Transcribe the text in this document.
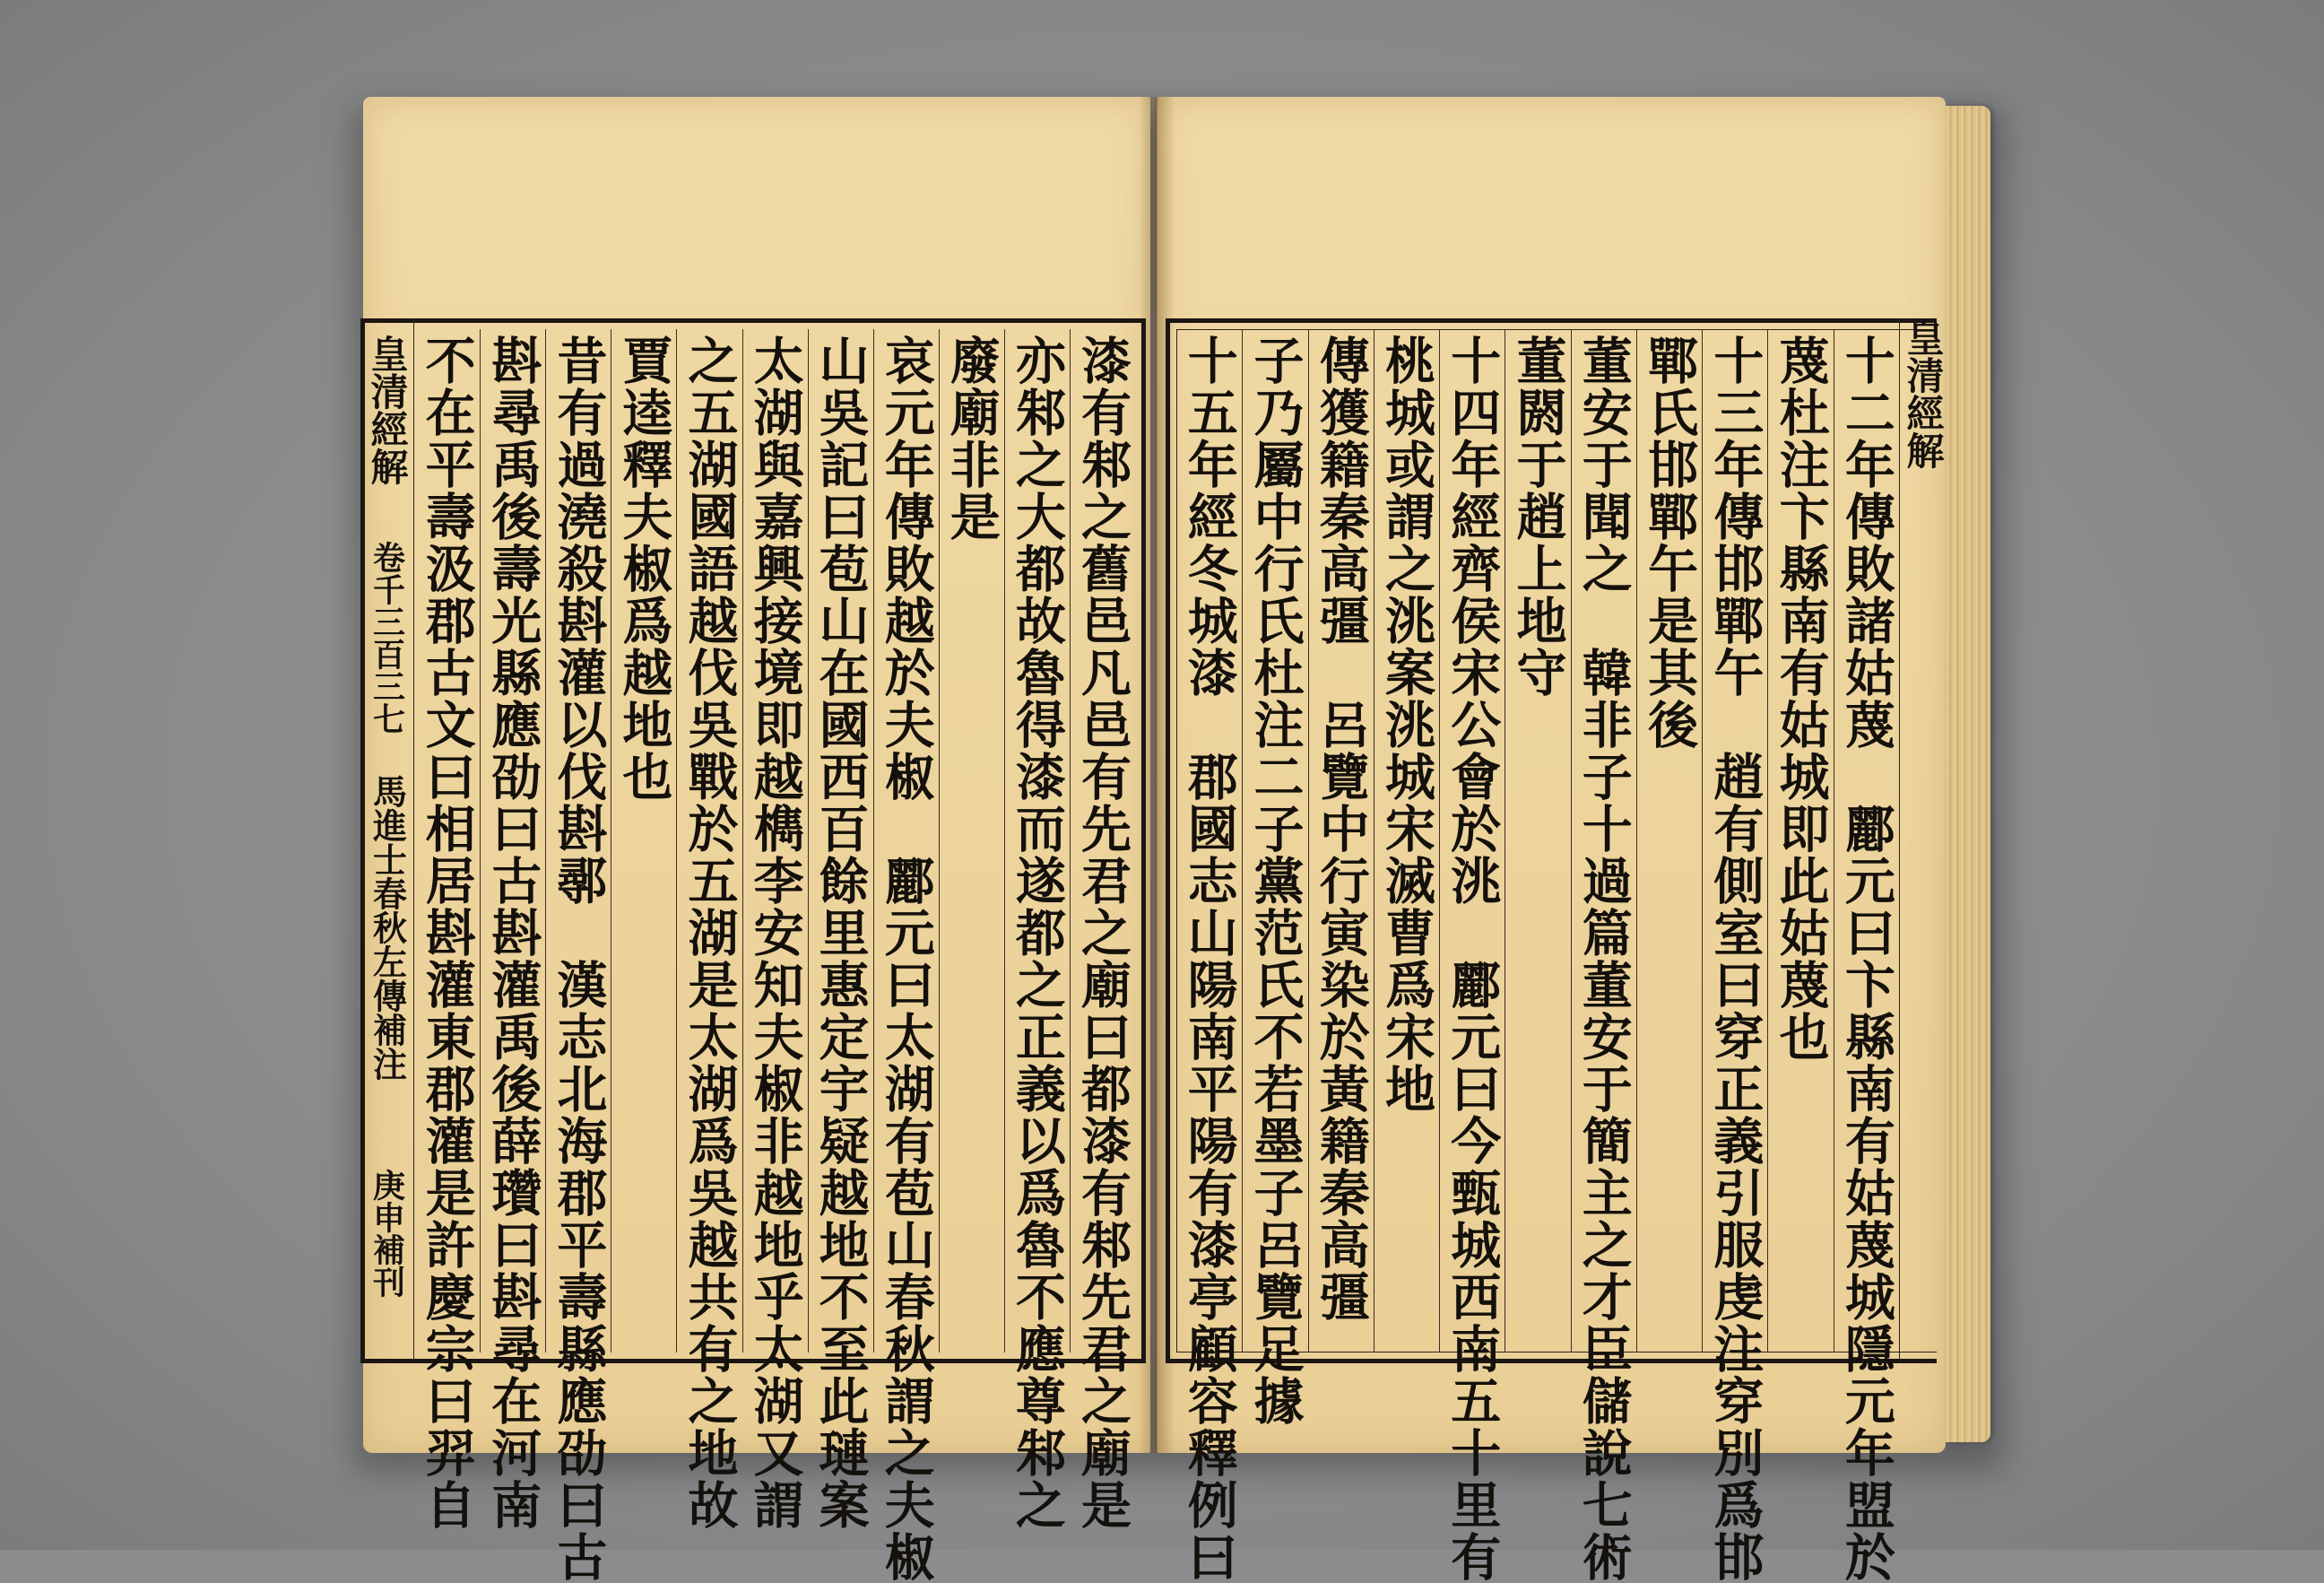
皇清經解
十二年傳敗諸姑蔑　酈元曰卞縣南有姑蔑城隱元年盟於
蔑杜注卞縣南有姑城即此姑蔑也
十三年傳邯鄲午　趙有側室曰穿正義引服虔注穿別爲邯
鄲氏邯鄲午是其後
董安于聞之　韓非子十過篇董安于簡主之才臣儲說七術
董閼于趙上地守
十四年經齊侯宋公會於洮　酈元曰今甄城西南五十里有
桃城或謂之洮案洮城宋滅曹爲宋地
傳獲籍秦高彊　呂覽中行寅染於黃籍秦高彊
子乃屬中行氏杜注二子黨范氏不若墨子呂覽足據
十五年經冬城漆　郡國志山陽南平陽有漆亭顧容釋例曰
皇清經解
卷千三百三七
馬進士春秋左傳補注
庚申補刊	漆有邾之舊邑凡邑有先君之廟曰都漆有邾先君之廟是
亦邾之大都故魯得漆而遂都之正義以爲魯不應尊邾之
廢廟非是
哀元年傳敗越於夫椒　酈元曰太湖有苞山春秋謂之夫椒
山吳記曰苞山在國西百餘里惠定宇疑越地不至此璉案
太湖與嘉興接境即越檇李安知夫椒非越地乎太湖又謂
之五湖國語越伐吳戰於五湖是太湖爲吳越共有之地故
賈逵釋夫椒爲越地也
昔有過澆殺斟灌以伐斟鄩　漢志北海郡平壽縣應劭曰古
斟尋禹後壽光縣應劭曰古斟灌禹後薛瓚曰斟尋在河南
不在平壽汲郡古文曰相居斟灌東郡灌是許慶宗曰羿自
